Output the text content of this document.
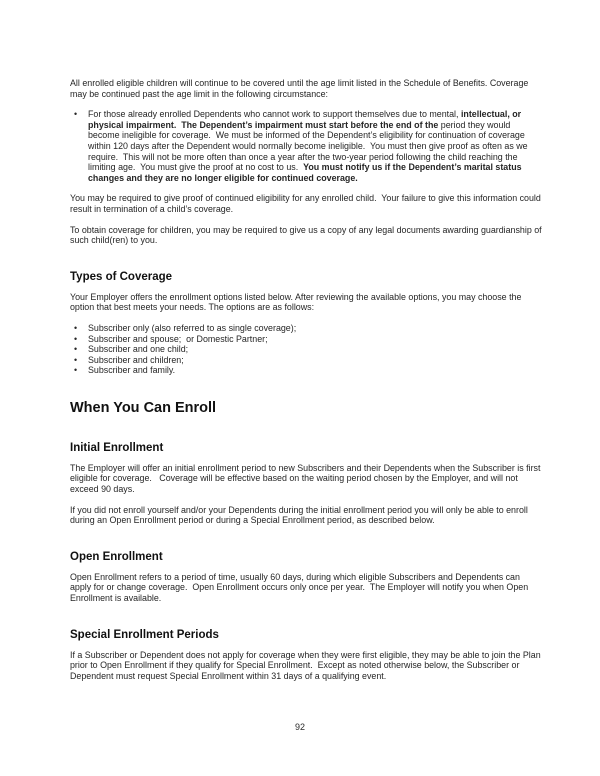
All enrolled eligible children will continue to be covered until the age limit listed in the Schedule of Benefits. Coverage may be continued past the age limit in the following circumstance:

• For those already enrolled Dependents who cannot work to support themselves due to mental, intellectual, or physical impairment.  The Dependent’s impairment must start before the end of the period they would become ineligible for coverage.  We must be informed of the Dependent’s eligibility for continuation of coverage within 120 days after the Dependent would normally become ineligible.  You must then give proof as often as we require.  This will not be more often than once a year after the two-year period following the child reaching the limiting age.  You must give the proof at no cost to us.  You must notify us if the Dependent’s marital status changes and they are no longer eligible for continued coverage.

You may be required to give proof of continued eligibility for any enrolled child.  Your failure to give this information could result in termination of a child’s coverage.

To obtain coverage for children, you may be required to give us a copy of any legal documents awarding guardianship of such child(ren) to you.

Types of Coverage

Your Employer offers the enrollment options listed below. After reviewing the available options, you may choose the option that best meets your needs. The options are as follows:

• Subscriber only (also referred to as single coverage);
• Subscriber and spouse;  or Domestic Partner;
• Subscriber and one child;
• Subscriber and children;
• Subscriber and family.
When You Can Enroll
Initial Enrollment

The Employer will offer an initial enrollment period to new Subscribers and their Dependents when the Subscriber is first eligible for coverage.   Coverage will be effective based on the waiting period chosen by the Employer, and will not exceed 90 days.

If you did not enroll yourself and/or your Dependents during the initial enrollment period you will only be able to enroll during an Open Enrollment period or during a Special Enrollment period, as described below.

Open Enrollment

Open Enrollment refers to a period of time, usually 60 days, during which eligible Subscribers and Dependents can apply for or change coverage.  Open Enrollment occurs only once per year.  The Employer will notify you when Open Enrollment is available.

Special Enrollment Periods

If a Subscriber or Dependent does not apply for coverage when they were first eligible, they may be able to join the Plan prior to Open Enrollment if they qualify for Special Enrollment.  Except as noted otherwise below, the Subscriber or Dependent must request Special Enrollment within 31 days of a qualifying event.

92
